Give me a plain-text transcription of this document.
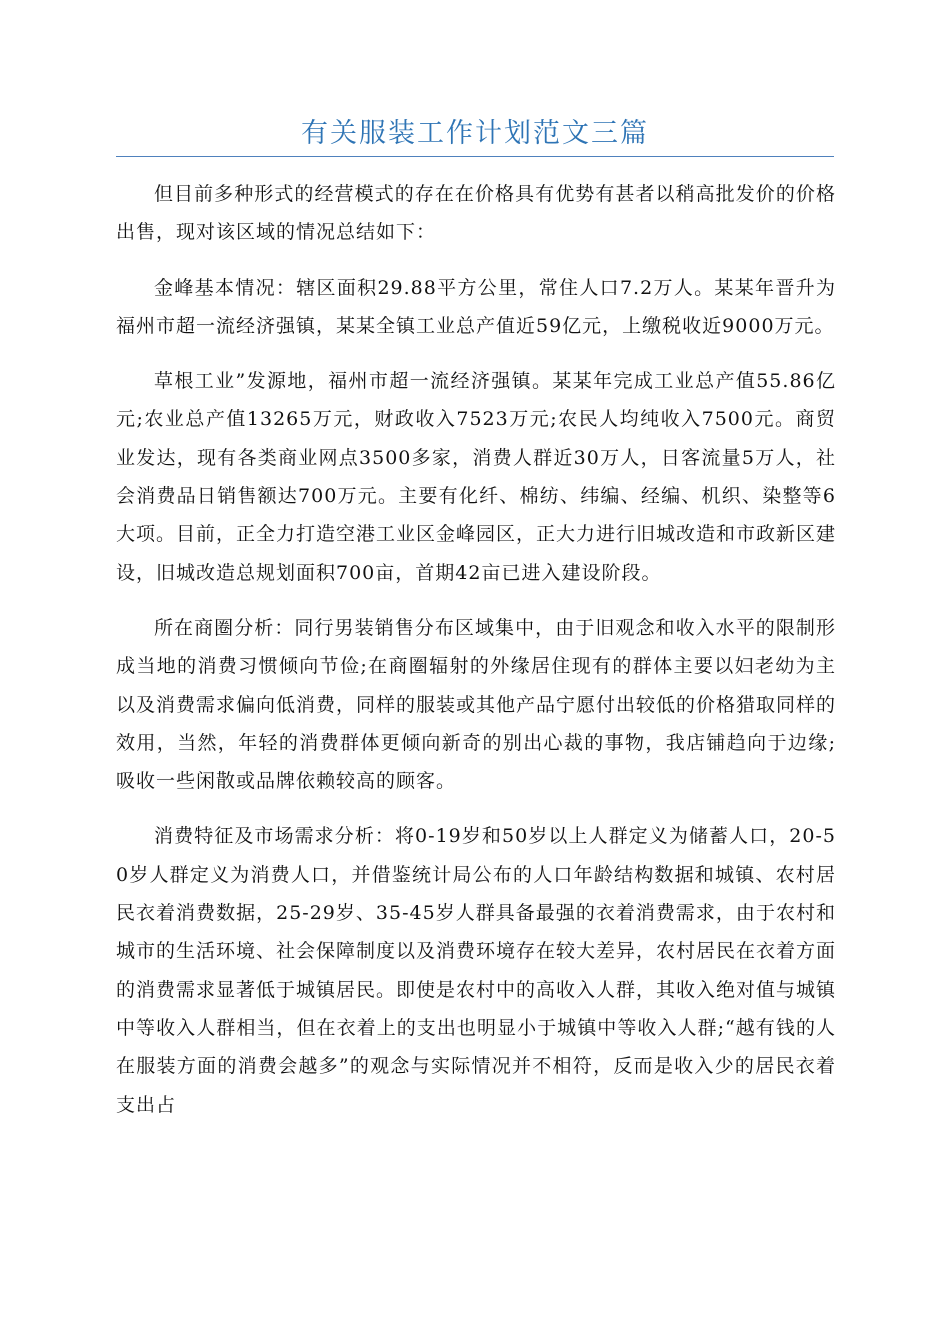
有关服装工作计划范文三篇

但目前多种形式的经营模式的存在在价格具有优势有甚者以稍高批发价的价格出售，现对该区域的情况总结如下：

金峰基本情况：辖区面积29.88平方公里，常住人口7.2万人。某某年晋升为福州市超一流经济强镇，某某全镇工业总产值近59亿元，上缴税收近9000万元。

草根工业”发源地，福州市超一流经济强镇。某某年完成工业总产值55.86亿元;农业总产值13265万元，财政收入7523万元;农民人均纯收入7500元。商贸业发达，现有各类商业网点3500多家，消费人群近30万人，日客流量5万人，社会消费品日销售额达700万元。主要有化纤、棉纺、纬编、经编、机织、染整等6大项。目前，正全力打造空港工业区金峰园区，正大力进行旧城改造和市政新区建设，旧城改造总规划面积700亩，首期42亩已进入建设阶段。

所在商圈分析：同行男装销售分布区域集中，由于旧观念和收入水平的限制形成当地的消费习惯倾向节俭;在商圈辐射的外缘居住现有的群体主要以妇老幼为主以及消费需求偏向低消费，同样的服装或其他产品宁愿付出较低的价格猎取同样的效用，当然，年轻的消费群体更倾向新奇的别出心裁的事物，我店铺趋向于边缘;吸收一些闲散或品牌依赖较高的顾客。

消费特征及市场需求分析：将0-19岁和50岁以上人群定义为储蓄人口，20-50岁人群定义为消费人口，并借鉴统计局公布的人口年龄结构数据和城镇、农村居民衣着消费数据，25-29岁、35-45岁人群具备最强的衣着消费需求，由于农村和城市的生活环境、社会保障制度以及消费环境存在较大差异，农村居民在衣着方面的消费需求显著低于城镇居民。即使是农村中的高收入人群，其收入绝对值与城镇中等收入人群相当，但在衣着上的支出也明显小于城镇中等收入人群;“越有钱的人在服装方面的消费会越多”的观念与实际情况并不相符，反而是收入少的居民衣着支出占
